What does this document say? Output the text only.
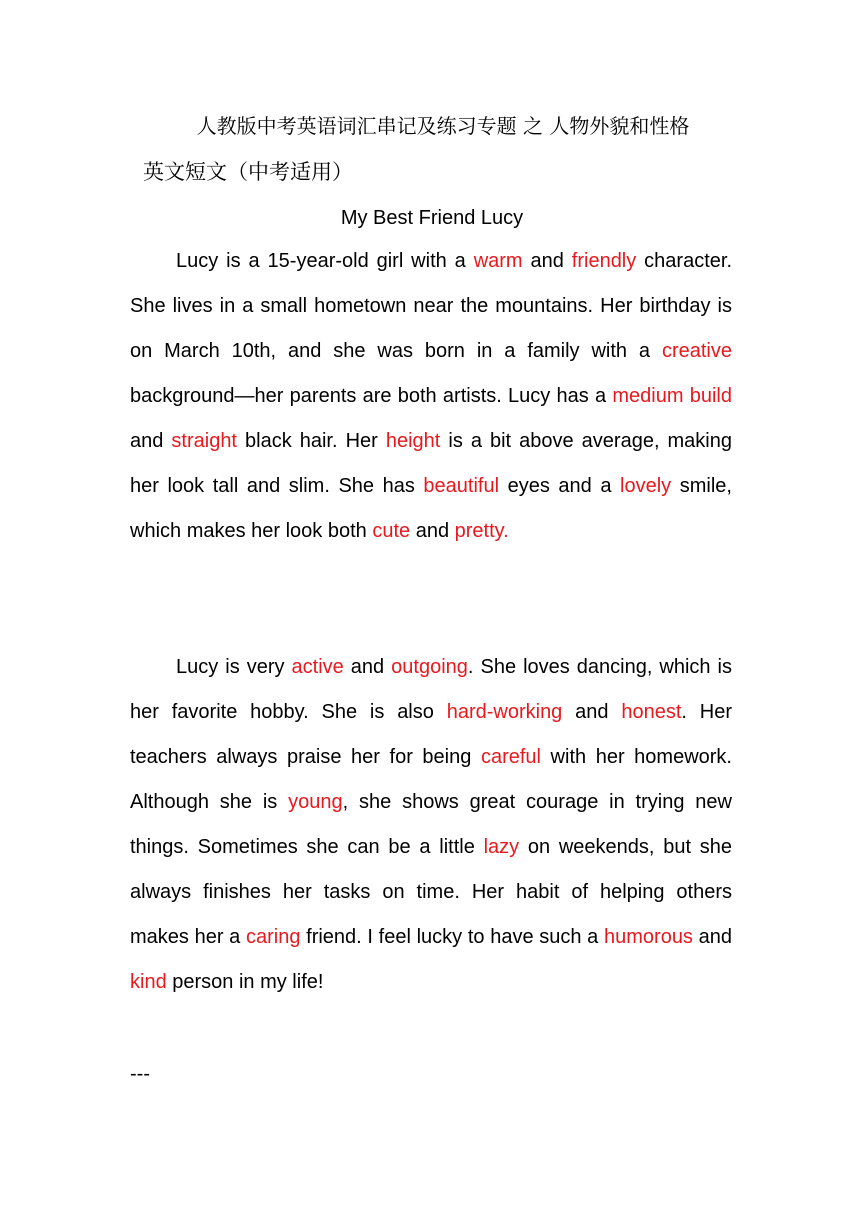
人教版中考英语词汇串记及练习专题 之 人物外貌和性格
英文短文（中考适用）
My Best Friend Lucy

Lucy is a 15-year-old girl with a warm and friendly character. She lives in a small hometown near the mountains. Her birthday is on March 10th, and she was born in a family with a creative background—her parents are both artists. Lucy has a medium build and straight black hair. Her height is a bit above average, making her look tall and slim. She has beautiful eyes and a lovely smile, which makes her look both cute and pretty.

Lucy is very active and outgoing. She loves dancing, which is her favorite hobby. She is also hard-working and honest. Her teachers always praise her for being careful with her homework. Although she is young, she shows great courage in trying new things. Sometimes she can be a little lazy on weekends, but she always finishes her tasks on time. Her habit of helping others makes her a caring friend. I feel lucky to have such a humorous and kind person in my life!

---
